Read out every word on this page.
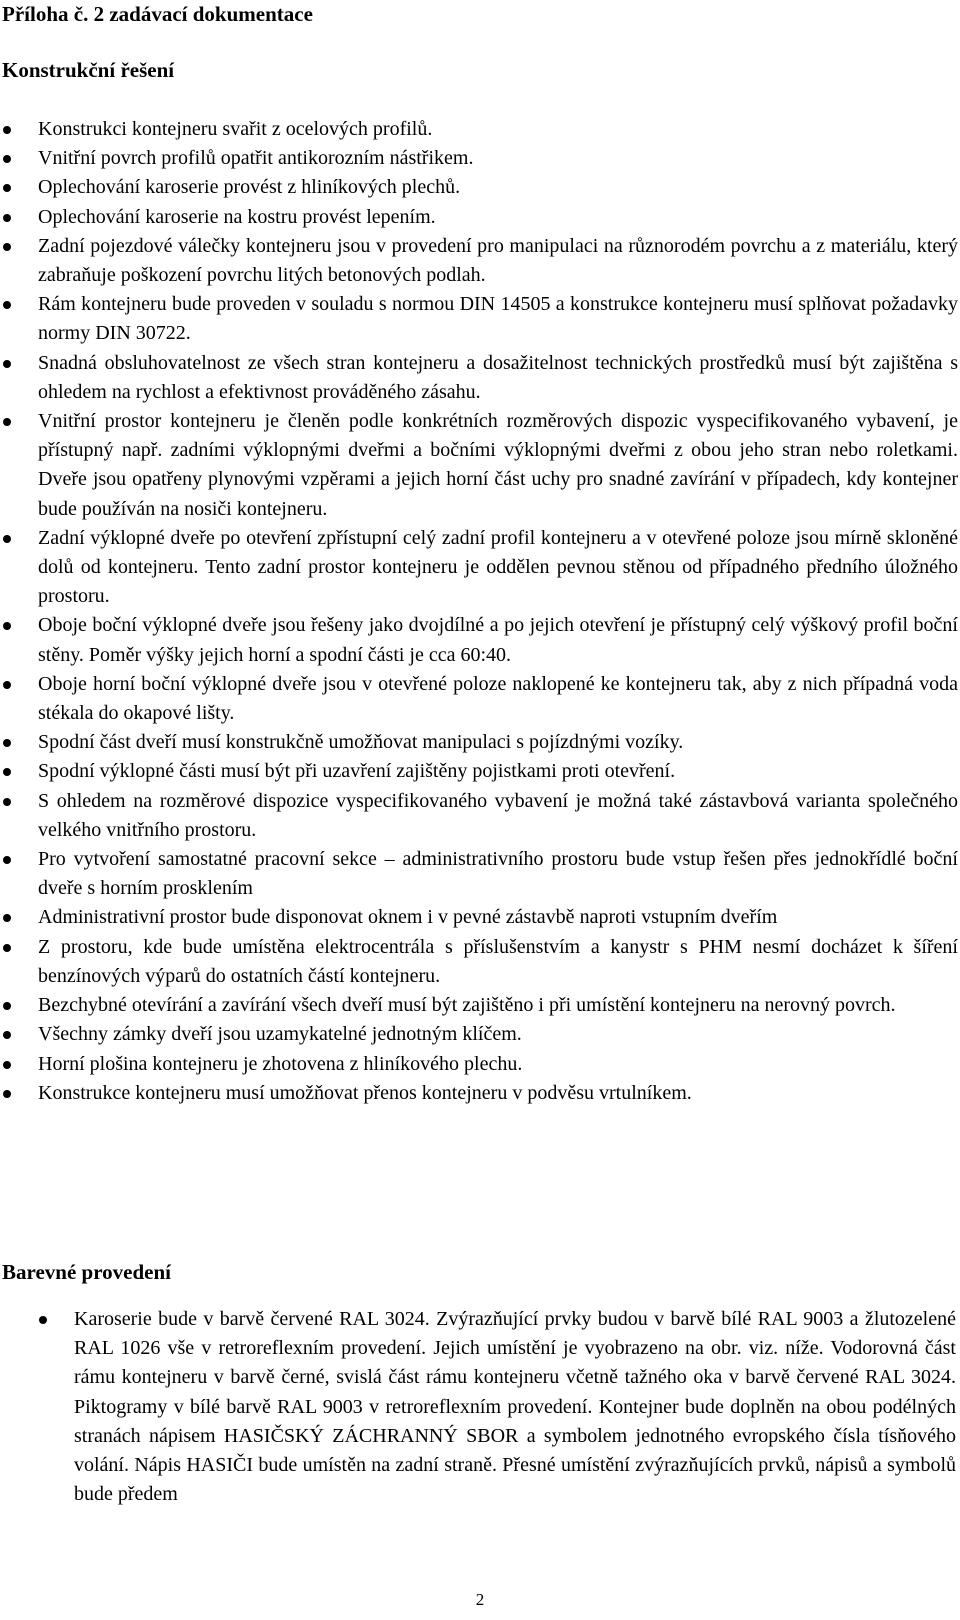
Příloha č. 2 zadávací dokumentace
Konstrukční řešení
Konstrukci kontejneru svařit z ocelových profilů.
Vnitřní povrch profilů opatřit antikorozním nástřikem.
Oplechování karoserie provést z hliníkových plechů.
Oplechování karoserie na kostru provést lepením.
Zadní pojezdové válečky kontejneru jsou v provedení pro manipulaci na různorodém povrchu a z materiálu, který zabraňuje poškození povrchu litých betonových podlah.
Rám kontejneru bude proveden v souladu s normou DIN 14505 a konstrukce kontejneru musí splňovat požadavky normy DIN 30722.
Snadná obsluhovatelnost ze všech stran kontejneru a dosažitelnost technických prostředků musí být zajištěna s ohledem na rychlost a efektivnost prováděného zásahu.
Vnitřní prostor kontejneru je členěn podle konkrétních rozměrových dispozic vyspecifikovaného vybavení, je přístupný např. zadními výklopnými dveřmi a bočními výklopnými dveřmi z obou jeho stran nebo roletkami. Dveře jsou opatřeny plynovými vzpěrami a jejich horní část uchy pro snadné zavírání v případech, kdy kontejner bude používán na nosiči kontejneru.
Zadní výklopné dveře po otevření zpřístupní celý zadní profil kontejneru a v otevřené poloze jsou mírně skloněné dolů od kontejneru. Tento zadní prostor kontejneru je oddělen pevnou stěnou od případného předního úložného prostoru.
Oboje boční výklopné dveře jsou řešeny jako dvojdílné a po jejich otevření je přístupný celý výškový profil boční stěny. Poměr výšky jejich horní a spodní části je cca 60:40.
Oboje horní boční výklopné dveře jsou v otevřené poloze naklopené ke kontejneru tak, aby z nich případná voda stékala do okapové lišty.
Spodní část dveří musí konstrukčně umožňovat manipulaci s pojízdnými vozíky.
Spodní výklopné části musí být při uzavření zajištěny pojistkami proti otevření.
S ohledem na rozměrové dispozice vyspecifikovaného vybavení je možná také zástavbová varianta společného velkého vnitřního prostoru.
Pro vytvoření samostatné pracovní sekce – administrativního prostoru bude vstup řešen přes jednokřídlé boční dveře s horním prosklením
Administrativní prostor bude disponovat oknem i v pevné zástavbě naproti vstupním dveřím
Z prostoru, kde bude umístěna elektrocentrála s příslušenstvím a kanystr s PHM nesmí docházet k šíření benzínových výparů do ostatních částí kontejneru.
Bezchybné otevírání a zavírání všech dveří musí být zajištěno i při umístění kontejneru na nerovný povrch.
Všechny zámky dveří jsou uzamykatelné jednotným klíčem.
Horní plošina kontejneru je zhotovena z hliníkového plechu.
Konstrukce kontejneru musí umožňovat přenos kontejneru v podvěsu vrtulníkem.
Barevné provedení
Karoserie bude v barvě červené RAL 3024. Zvýrazňující prvky budou v barvě bílé RAL 9003 a žlutozelené RAL 1026 vše v retroreflexním provedení. Jejich umístění je vyobrazeno na obr. viz. níže. Vodorovná část rámu kontejneru v barvě černé, svislá část rámu kontejneru včetně tažného oka v barvě červené RAL 3024. Piktogramy v bílé barvě RAL 9003 v retroreflexním provedení. Kontejner bude doplněn na obou podélných stranách nápisem HASIČSKÝ ZÁCHRANNÝ SBOR a symbolem jednotného evropského čísla tísňového volání. Nápis HASIČI bude umístěn na zadní straně. Přesné umístění zvýrazňujících prvků, nápisů a symbolů bude předem
2
